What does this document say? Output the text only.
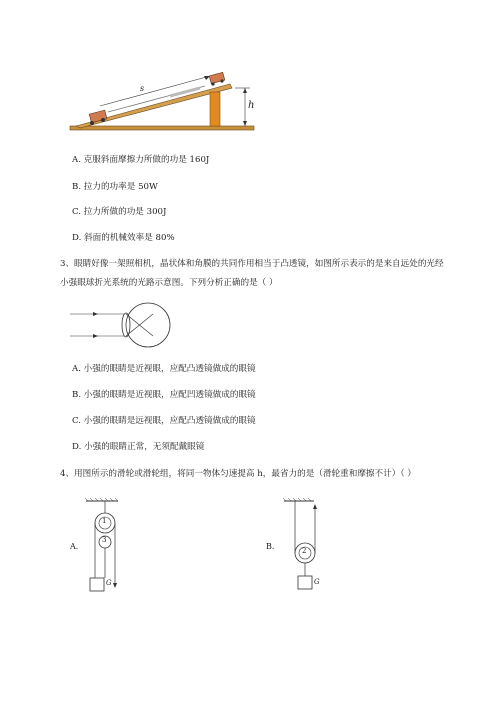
s
h
A. 克服斜面摩擦力所做的功是 160J
B. 拉力的功率是 50W
C. 拉力所做的功是 300J
D. 斜面的机械效率是 80%
3、眼睛好像一架照相机，晶状体和角膜的共同作用相当于凸透镜，如图所示表示的是来自远处的光经
小强眼球折光系统的光路示意图。下列分析正确的是（ ）
A. 小强的眼睛是近视眼，应配凸透镜做成的眼镜
B. 小强的眼睛是近视眼，应配凹透镜做成的眼镜
C. 小强的眼睛是远视眼，应配凸透镜做成的眼镜
D. 小强的眼睛正常，无须配戴眼镜
4、用图所示的滑轮或滑轮组，将同一物体匀速提高 h，最省力的是（滑轮重和摩擦不计）（ ）
A.
1
3
G
B.	2
G
